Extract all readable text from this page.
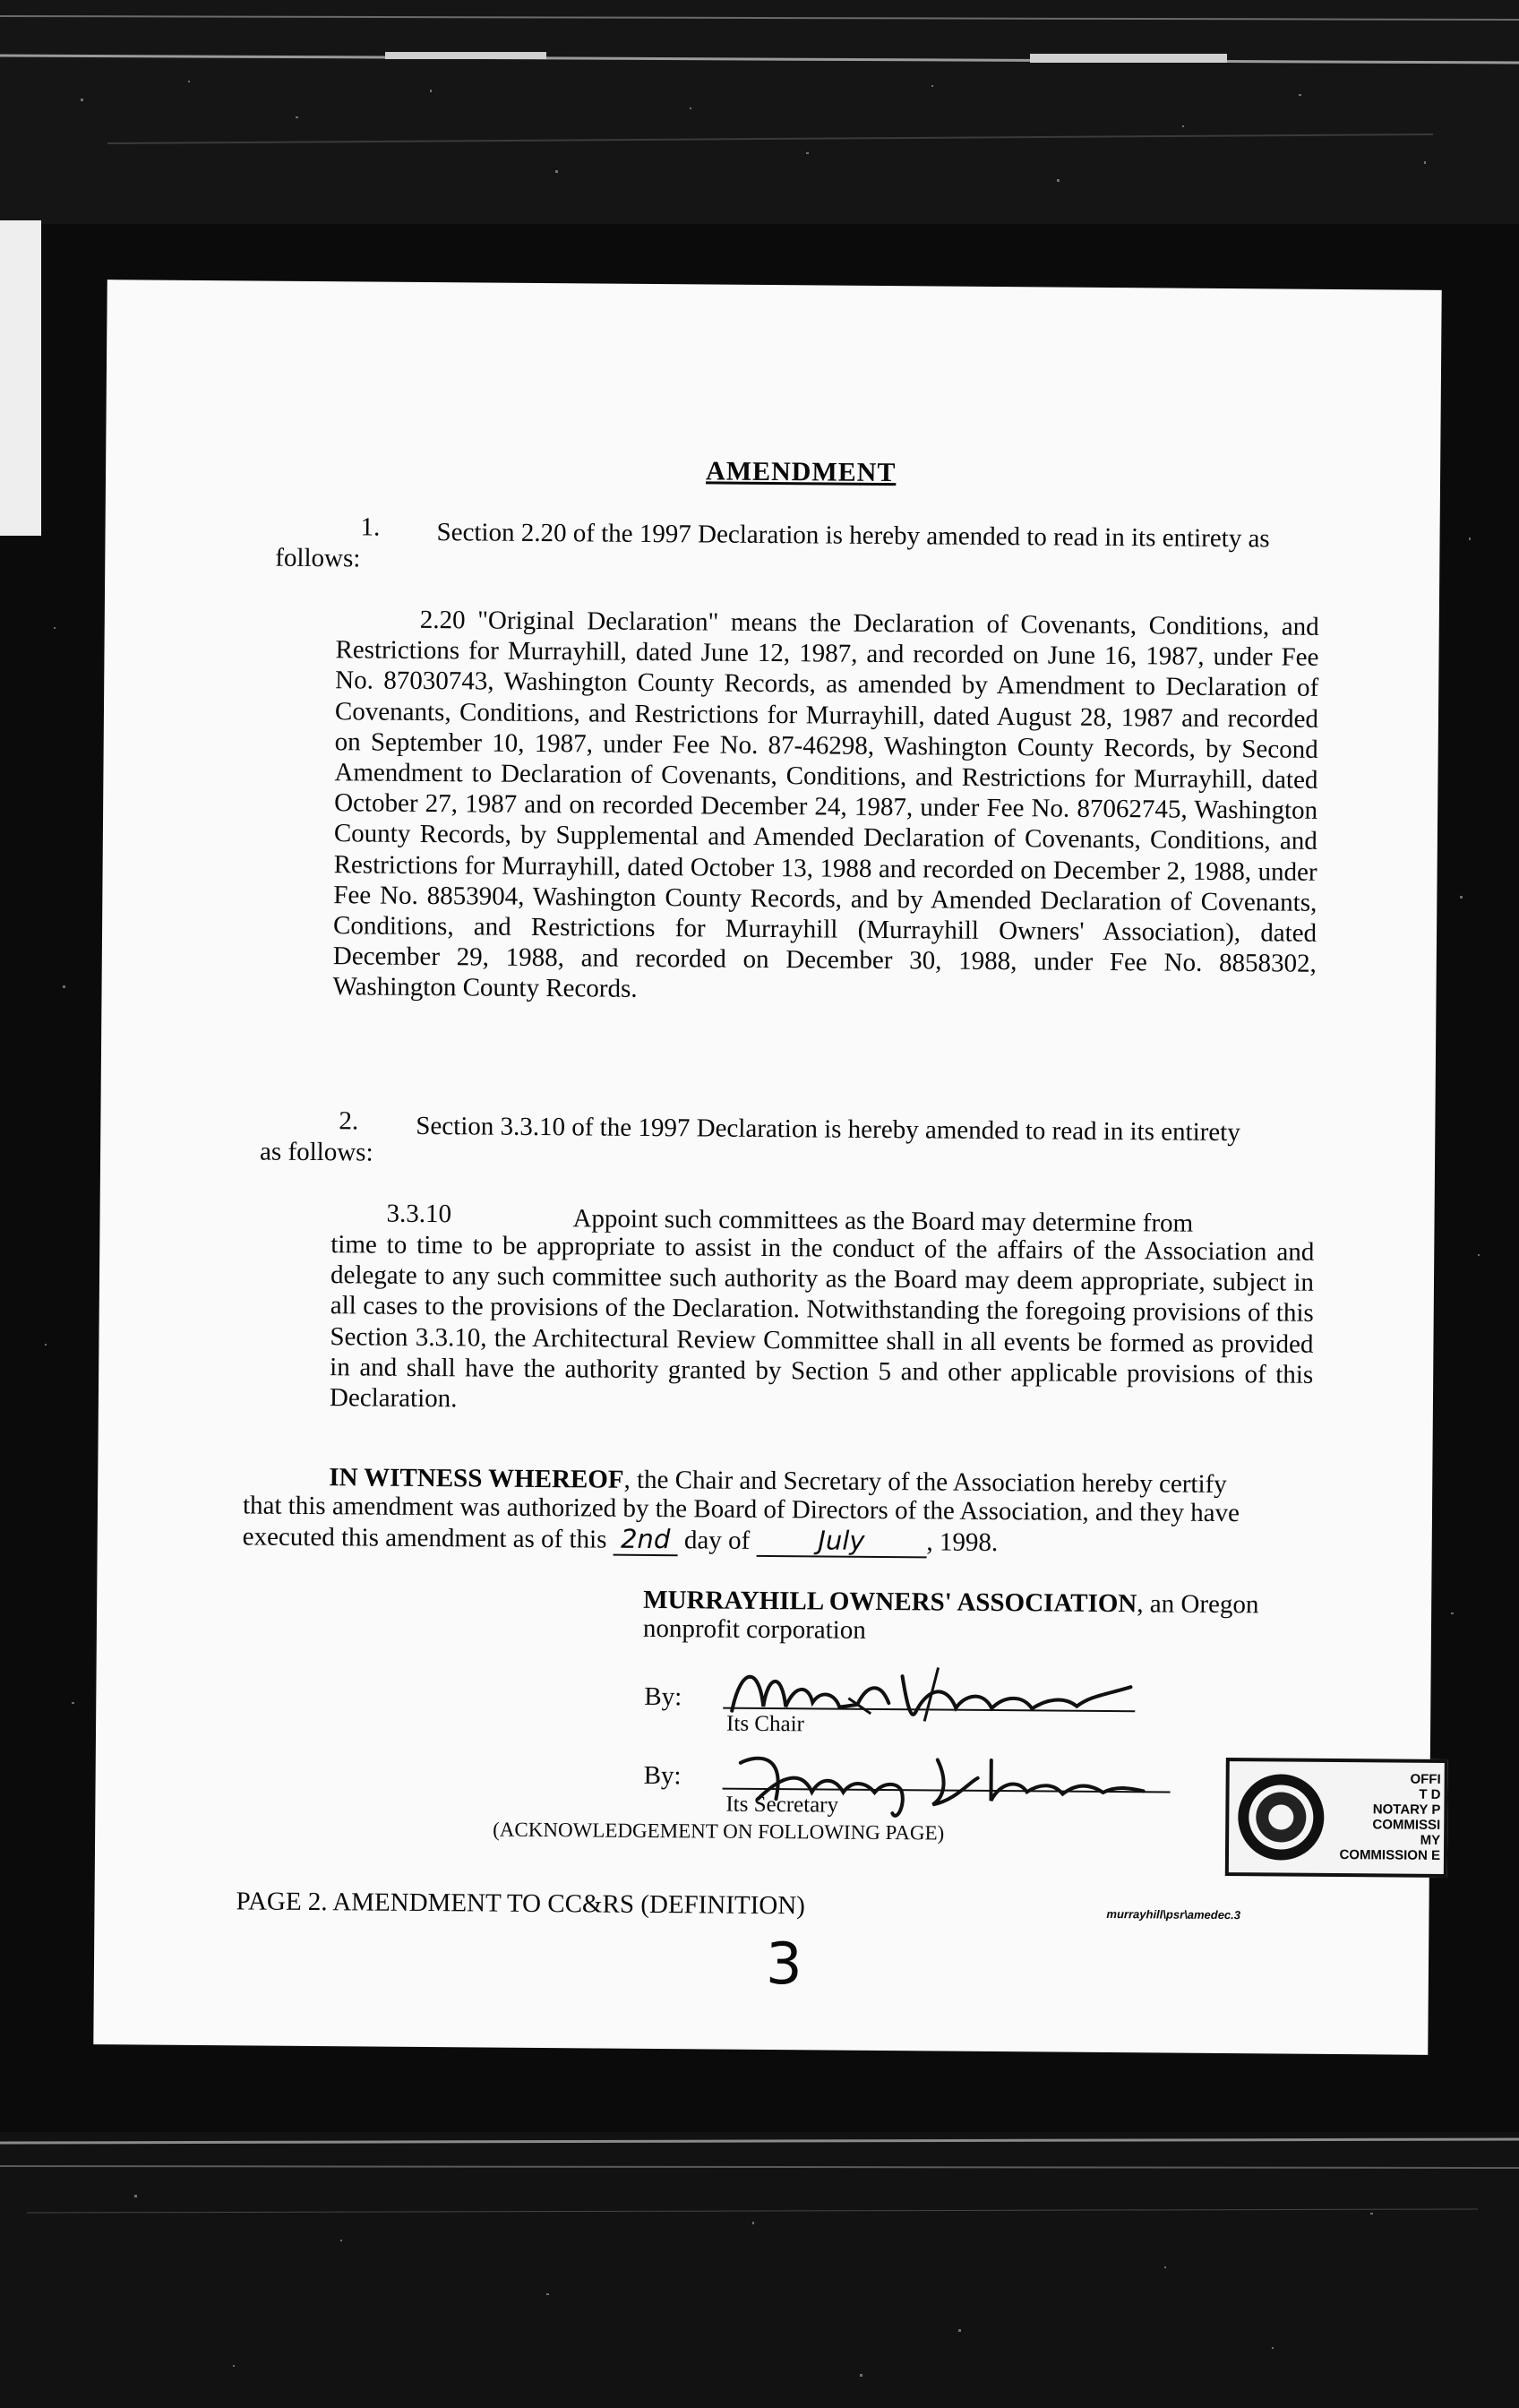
AMENDMENT
1. Section 2.20 of the 1997 Declaration is hereby amended to read in its entirety as
follows:
2.20 "Original Declaration" means the Declaration of Covenants, Conditions, and Restrictions for Murrayhill, dated June 12, 1987, and recorded on June 16, 1987, under Fee No. 87030743, Washington County Records, as amended by Amendment to Declaration of Covenants, Conditions, and Restrictions for Murrayhill, dated August 28, 1987 and recorded on September 10, 1987, under Fee No. 87-46298, Washington County Records, by Second Amendment to Declaration of Covenants, Conditions, and Restrictions for Murrayhill, dated October 27, 1987 and on recorded December 24, 1987, under Fee No. 87062745, Washington County Records, by Supplemental and Amended Declaration of Covenants, Conditions, and Restrictions for Murrayhill, dated October 13, 1988 and recorded on December 2, 1988, under Fee No. 8853904, Washington County Records, and by Amended Declaration of Covenants, Conditions, and Restrictions for Murrayhill (Murrayhill Owners' Association), dated December 29, 1988, and recorded on December 30, 1988, under Fee No. 8858302, Washington County Records.
2. Section 3.3.10 of the 1997 Declaration is hereby amended to read in its entirety
as follows:
3.3.10	Appoint such committees as the Board may determine from
time to time to be appropriate to assist in the conduct of the affairs of the Association and delegate to any such committee such authority as the Board may deem appropriate, subject in all cases to the provisions of the Declaration. Notwithstanding the foregoing provisions of this Section 3.3.10, the Architectural Review Committee shall in all events be formed as provided in and shall have the authority granted by Section 5 and other applicable provisions of this Declaration.
IN WITNESS WHEREOF, the Chair and Secretary of the Association hereby certify
that this amendment was authorized by the Board of Directors of the Association, and they have
executed this amendment as of this 2nd day of	July , 1998.
MURRAYHILL OWNERS' ASSOCIATION, an Oregon
nonprofit corporation
By:
Its Chair
By:
Its Secretary
(ACKNOWLEDGEMENT ON FOLLOWING PAGE)
OFFI
T D
NOTARY P
COMMISSI
MY COMMISSION E
PAGE 2. AMENDMENT TO CC&RS (DEFINITION)	murrayhill\psr\amedec.3
3
